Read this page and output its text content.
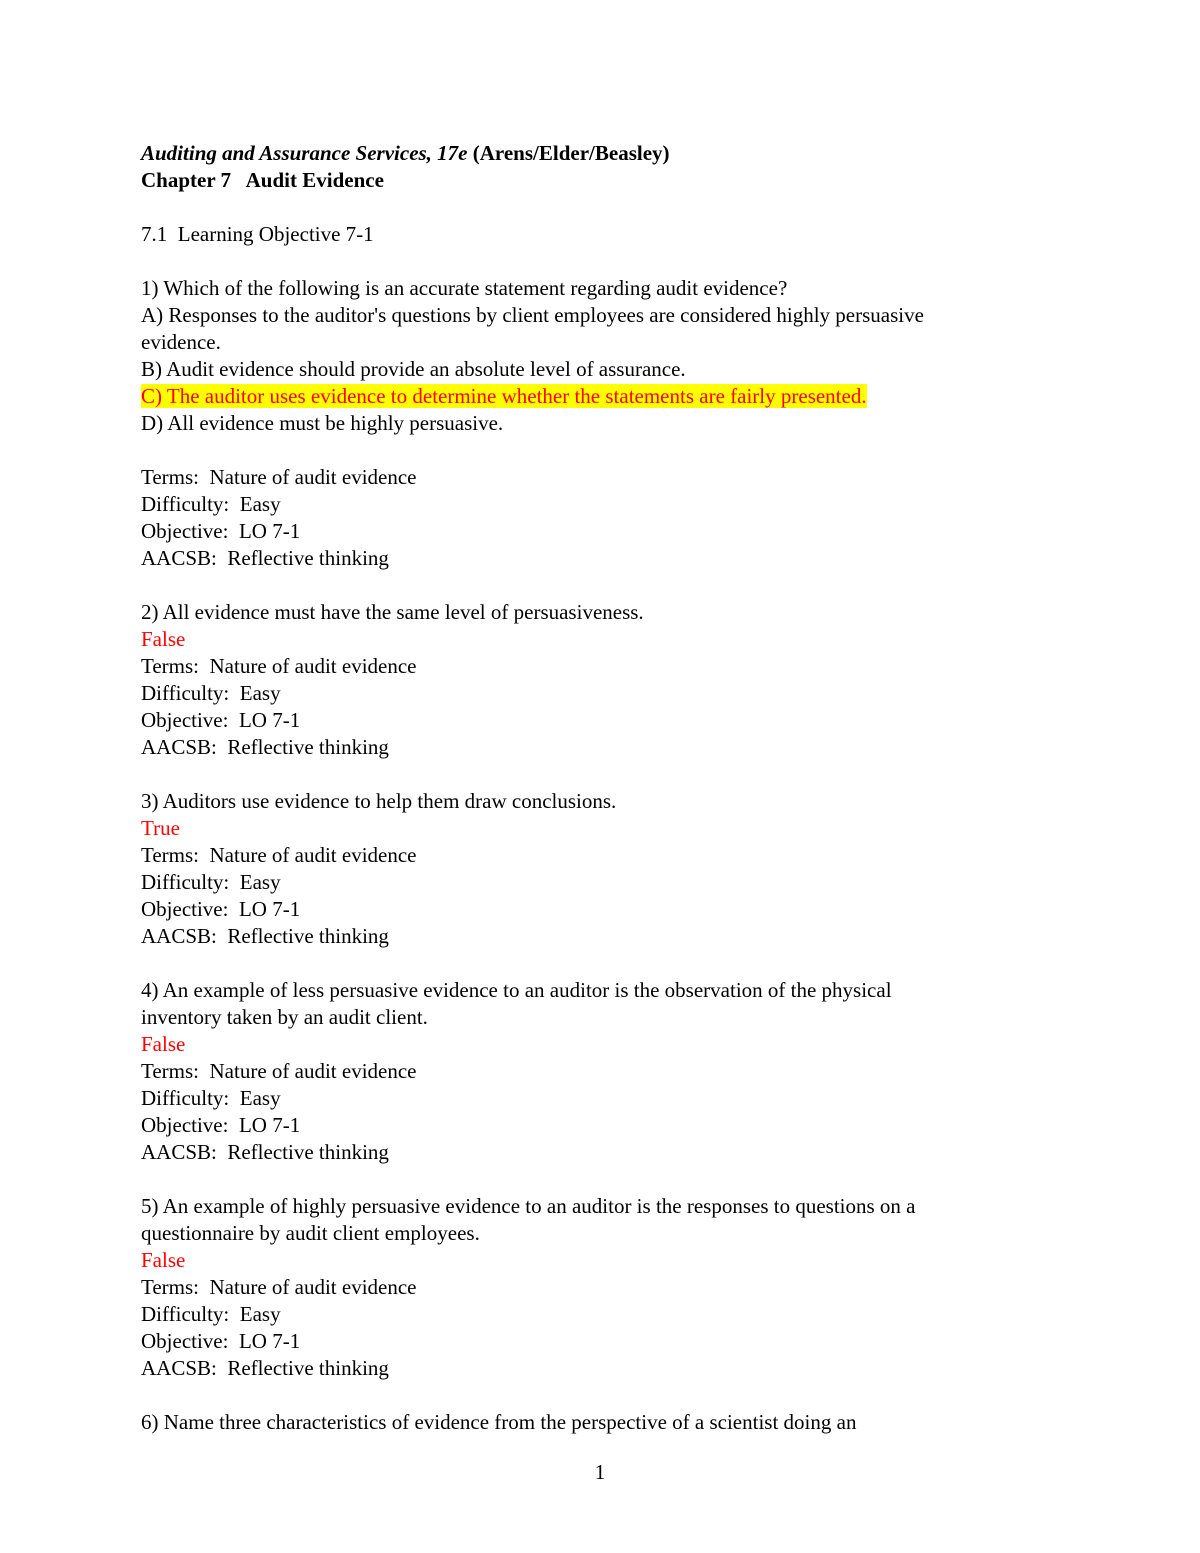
Auditing and Assurance Services, 17e (Arens/Elder/Beasley)
Chapter 7   Audit Evidence
7.1  Learning Objective 7-1
1) Which of the following is an accurate statement regarding audit evidence?
A) Responses to the auditor's questions by client employees are considered highly persuasive
evidence.
B) Audit evidence should provide an absolute level of assurance.
C) The auditor uses evidence to determine whether the statements are fairly presented.
D) All evidence must be highly persuasive.
Terms:  Nature of audit evidence
Difficulty:  Easy
Objective:  LO 7-1
AACSB:  Reflective thinking
2) All evidence must have the same level of persuasiveness.
False
Terms:  Nature of audit evidence
Difficulty:  Easy
Objective:  LO 7-1
AACSB:  Reflective thinking
3) Auditors use evidence to help them draw conclusions.
True
Terms:  Nature of audit evidence
Difficulty:  Easy
Objective:  LO 7-1
AACSB:  Reflective thinking
4) An example of less persuasive evidence to an auditor is the observation of the physical
inventory taken by an audit client.
False
Terms:  Nature of audit evidence
Difficulty:  Easy
Objective:  LO 7-1
AACSB:  Reflective thinking
5) An example of highly persuasive evidence to an auditor is the responses to questions on a
questionnaire by audit client employees.
False
Terms:  Nature of audit evidence
Difficulty:  Easy
Objective:  LO 7-1
AACSB:  Reflective thinking
6) Name three characteristics of evidence from the perspective of a scientist doing an
1
